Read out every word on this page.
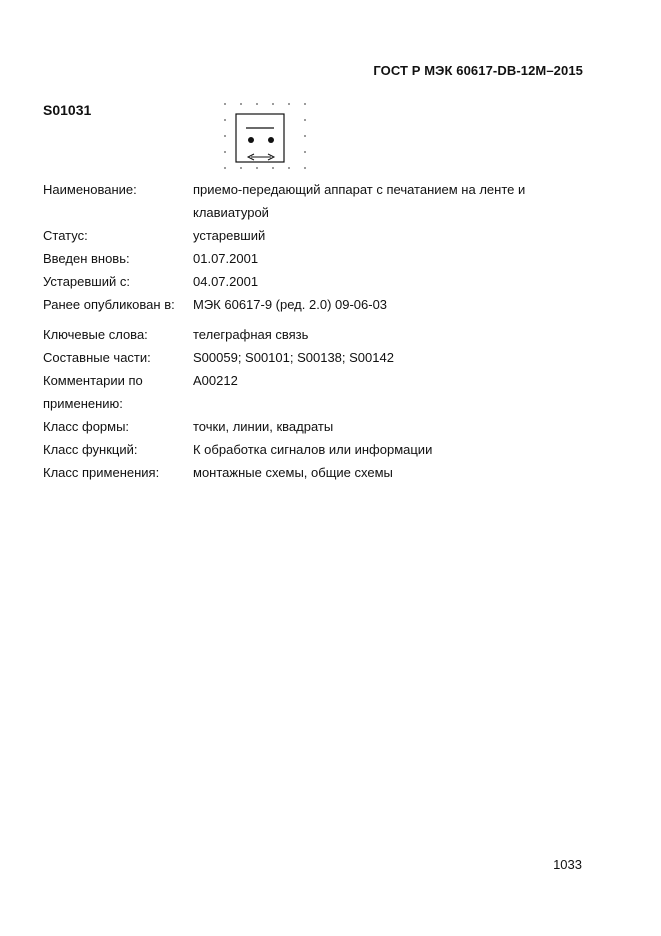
ГОСТ Р МЭК 60617-DB-12M–2015
S01031
Наименование:	приемо-передающий аппарат с печатанием на ленте и клавиатурой
Статус:	устаревший
Введен вновь:	01.07.2001
Устаревший с:	04.07.2001
Ранее опубликован в:	МЭК 60617-9 (ред. 2.0) 09-06-03
Ключевые слова:	телеграфная связь
Составные части:	S00059; S00101; S00138; S00142
Комментарии по применению:
A00212
Класс формы:	точки, линии, квадраты
Класс функций:	К обработка сигналов или информации
Класс применения:	монтажные схемы, общие схемы
1033
